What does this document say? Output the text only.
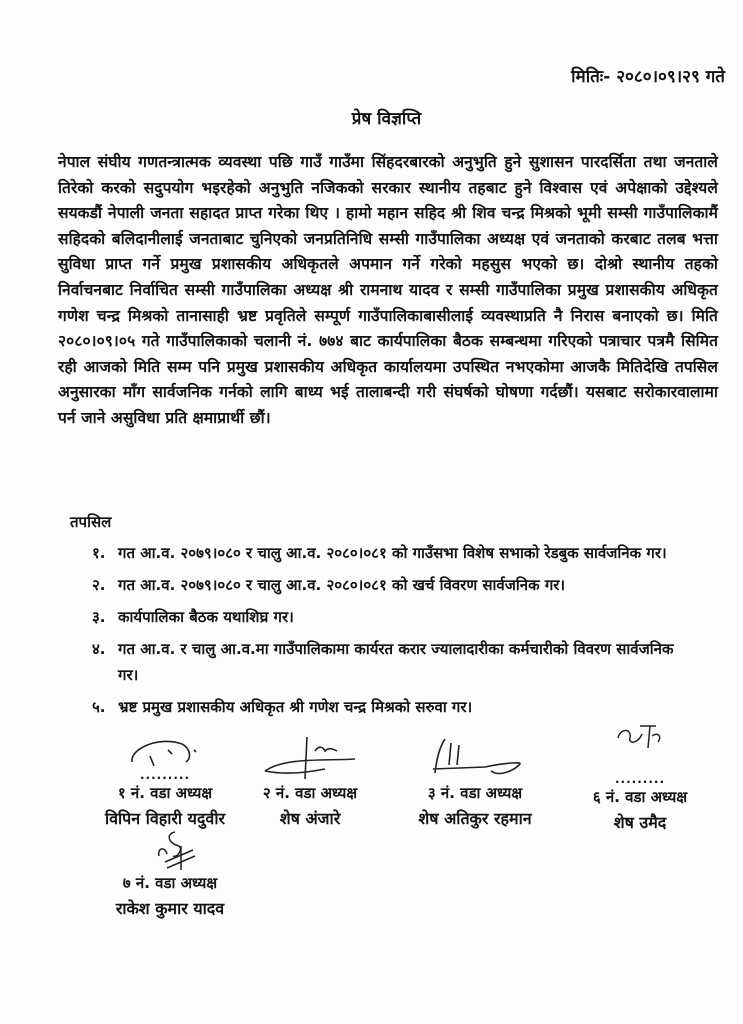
मितिः- २०८०।०९।२९ गते
प्रेष विज्ञप्ति
नेपाल संघीय गणतन्त्रात्मक व्यवस्था पछि गाउँ गाउँमा सिंहदरबारको अनुभुति हुने सुशासन पारदर्सिता तथा जनताले तिरेको करको सदुपयोग भइरहेको अनुभुति नजिकको सरकार स्थानीय तहबाट हुने विश्वास एवं अपेक्षाको उद्देश्यले सयकडौं नेपाली जनता सहादत प्राप्त गरेका थिए । हामो महान सहिद श्री शिव चन्द्र मिश्रको भूमी सम्सी गाउँपालिकामैं सहिदको बलिदानीलाई जनताबाट चुनिएको जनप्रतिनिधि सम्सी गाउँपालिका अध्यक्ष एवं जनताको करबाट तलब भत्ता सुविधा प्राप्त गर्ने प्रमुख प्रशासकीय अधिकृतले अपमान गर्ने गरेको महसुस भएको छ। दोश्रो स्थानीय तहको निर्वाचनबाट निर्वाचित सम्सी गाउँपालिका अध्यक्ष श्री रामनाथ यादव र सम्सी गाउँपालिका प्रमुख प्रशासकीय अधिकृत गणेश चन्द्र मिश्रको तानासाही भ्रष्ट प्रवृतिले सम्पूर्ण गाउँपालिकाबासीलाई व्यवस्थाप्रति नै निरास बनाएको छ। मिति २०८०।०९।०५ गते गाउँपालिकाको चलानी नं. ७७४ बाट कार्यपालिका बैठक सम्बन्धमा गरिएको पत्राचार पत्रमै सिमित रही आजको मिति सम्म पनि प्रमुख प्रशासकीय अधिकृत कार्यालयमा उपस्थित नभएकोमा आजकै मितिदेखि तपसिल अनुसारका माँग सार्वजनिक गर्नको लागि बाध्य भई तालाबन्दी गरी संघर्षको घोषणा गर्दछौं। यसबाट सरोकारवालामा पर्न जाने असुविधा प्रति क्षमाप्रार्थी छौं।
तपसिल
१. गत आ.व. २०७९।०८० र चालु आ.व. २०८०।०८१ को गाउँसभा विशेष सभाको रेडबुक सार्वजनिक गर।
२. गत आ.व. २०७९।०८० र चालु आ.व. २०८०।०८१ को खर्च विवरण सार्वजनिक गर।
३. कार्यपालिका बैठक यथाशिघ्र गर।
४. गत आ.व. र चालु आ.व.मा गाउँपालिकामा कार्यरत करार ज्यालादारीका कर्मचारीको विवरण सार्वजनिक गर।
५. भ्रष्ट प्रमुख प्रशासकीय अधिकृत श्री गणेश चन्द्र मिश्रको सरुवा गर।
.........
१ नं. वडा अध्यक्ष
विपिन विहारी यदुवीर
२ नं. वडा अध्यक्ष
शेष अंजारे
३ नं. वडा अध्यक्ष
शेष अतिकुर रहमान
.........
६ नं. वडा अध्यक्ष
शेष उमैद
७ नं. वडा अध्यक्ष
राकेश कुमार यादव
